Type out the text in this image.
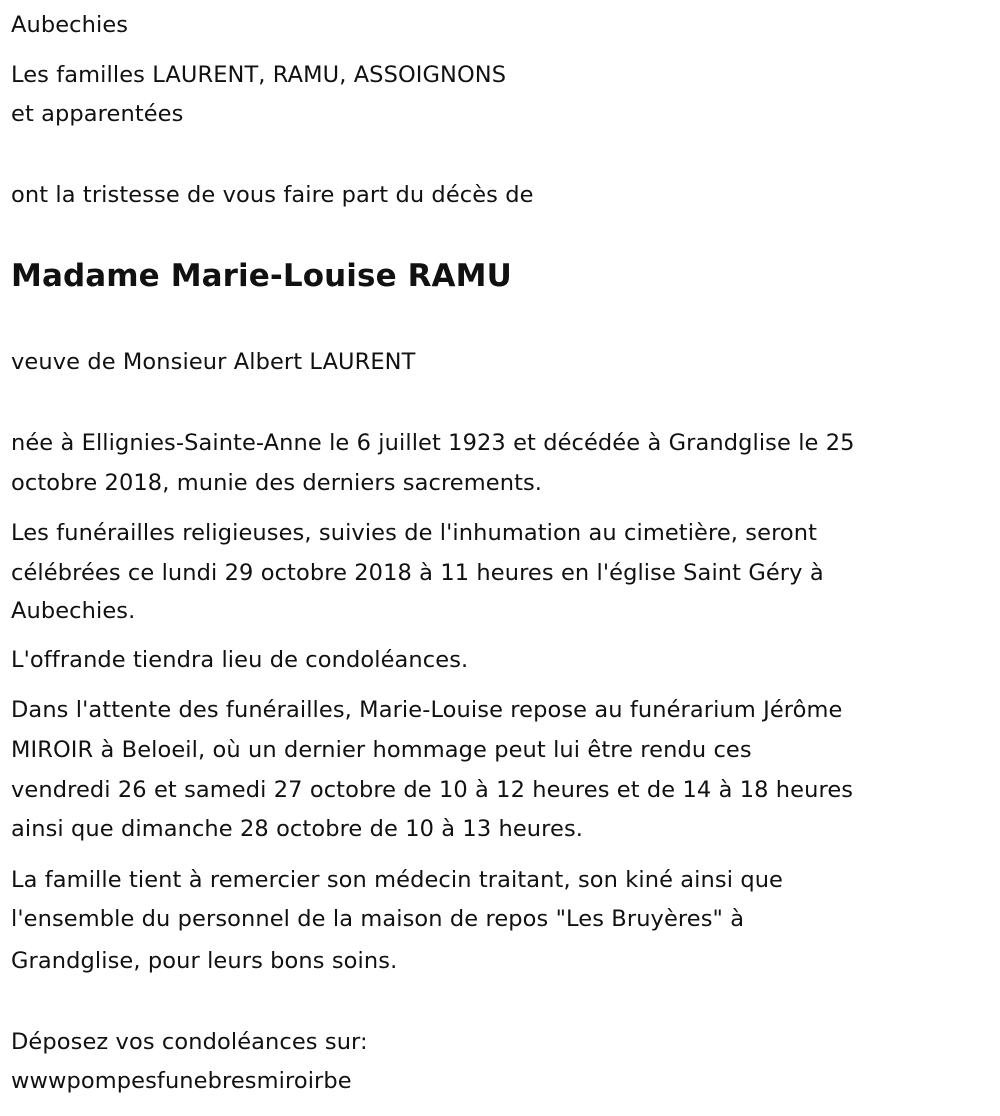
Aubechies
Les familles LAURENT, RAMU, ASSOIGNONS
et apparentées
ont la tristesse de vous faire part du décès de
Madame Marie-Louise RAMU
veuve de Monsieur Albert LAURENT
née à Ellignies-Sainte-Anne le 6 juillet 1923 et décédée à Grandglise le 25
octobre 2018, munie des derniers sacrements.
Les funérailles religieuses, suivies de l'inhumation au cimetière, seront
célébrées ce lundi 29 octobre 2018 à 11 heures en l'église Saint Géry à
Aubechies.
L'offrande tiendra lieu de condoléances.
Dans l'attente des funérailles, Marie-Louise repose au funérarium Jérôme
MIROIR à Beloeil, où un dernier hommage peut lui être rendu ces
vendredi 26 et samedi 27 octobre de 10 à 12 heures et de 14 à 18 heures
ainsi que dimanche 28 octobre de 10 à 13 heures.
La famille tient à remercier son médecin traitant, son kiné ainsi que
l'ensemble du personnel de la maison de repos "Les Bruyères" à
Grandglise, pour leurs bons soins.
Déposez vos condoléances sur:
wwwpompesfunebresmiroirbe
